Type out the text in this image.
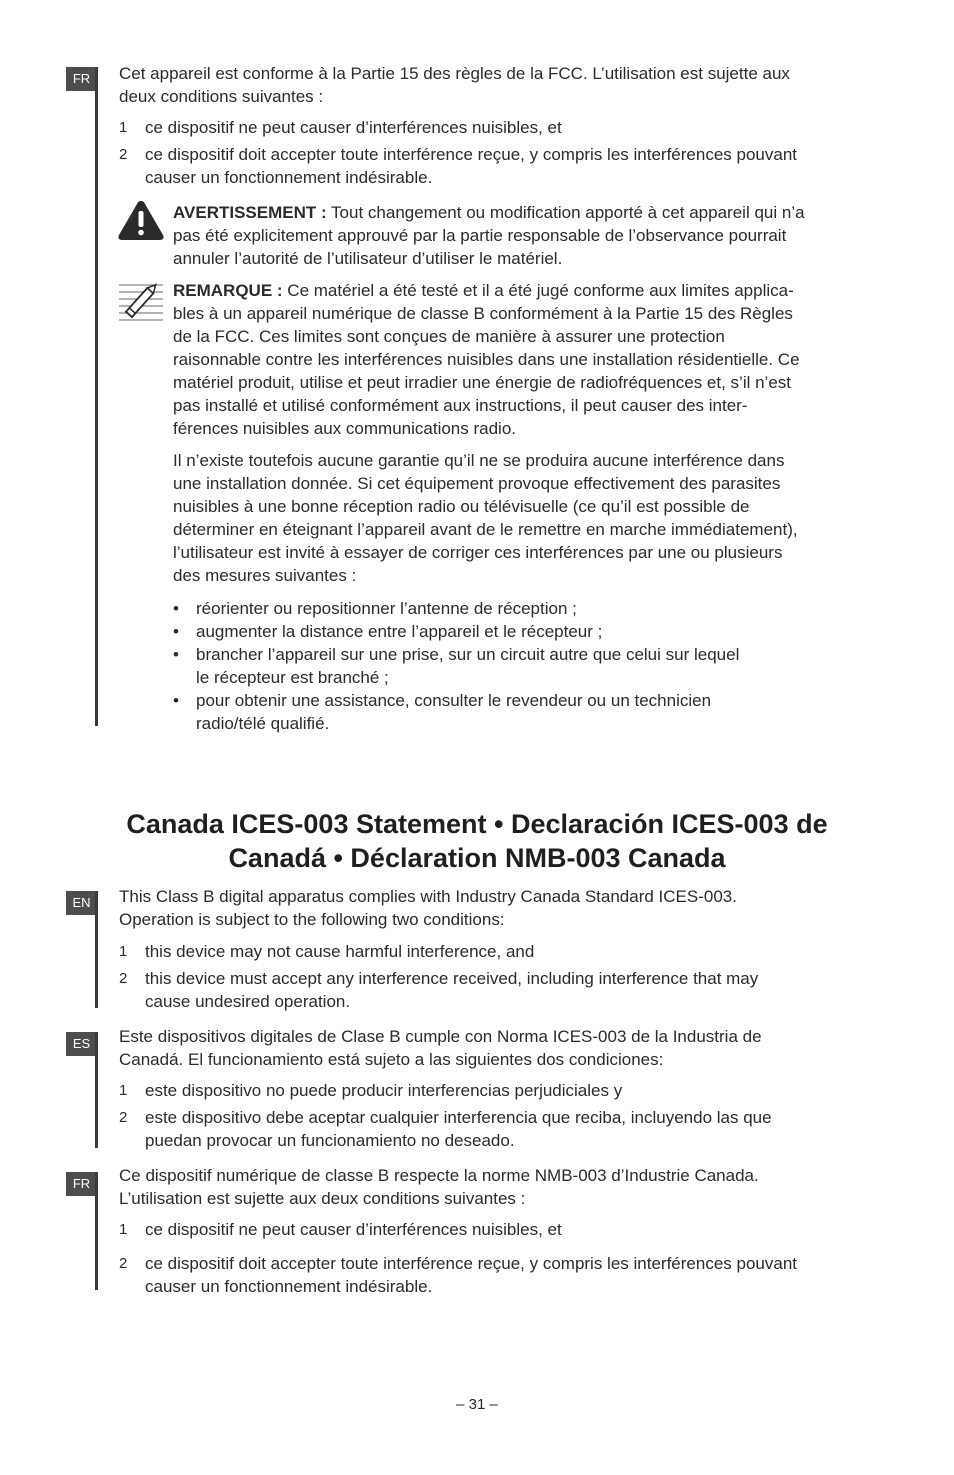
FR	Cet appareil est conforme à la Partie 15 des règles de la FCC. L’utilisation est sujette aux
deux conditions suivantes :

1 ce dispositif ne peut causer d’interférences nuisibles, et
2 ce dispositif doit accepter toute interférence reçue, y compris les interférences pouvant
causer un fonctionnement indésirable.

AVERTISSEMENT : Tout changement ou modification apporté à cet appareil qui n’a
pas été explicitement approuvé par la partie responsable de l’observance pourrait
annuler l’autorité de l’utilisateur d’utiliser le matériel.

REMARQUE : Ce matériel a été testé et il a été jugé conforme aux limites applica-
bles à un appareil numérique de classe B conformément à la Partie 15 des Règles
de la FCC. Ces limites sont conçues de manière à assurer une protection
raisonnable contre les interférences nuisibles dans une installation résidentielle. Ce
matériel produit, utilise et peut irradier une énergie de radiofréquences et, s’il n’est
pas installé et utilisé conformément aux instructions, il peut causer des inter-
férences nuisibles aux communications radio.

Il n’existe toutefois aucune garantie qu’il ne se produira aucune interférence dans
une installation donnée. Si cet équipement provoque effectivement des parasites
nuisibles à une bonne réception radio ou télévisuelle (ce qu’il est possible de
déterminer en éteignant l’appareil avant de le remettre en marche immédiatement),
l’utilisateur est invité à essayer de corriger ces interférences par une ou plusieurs
des mesures suivantes :

• réorienter ou repositionner l’antenne de réception ;
• augmenter la distance entre l’appareil et le récepteur ;
• brancher l’appareil sur une prise, sur un circuit autre que celui sur lequel
le récepteur est branché ;
• pour obtenir une assistance, consulter le revendeur ou un technicien
radio/télé qualifié.
Canada ICES-003 Statement • Declaración ICES-003 de
Canadá • Déclaration NMB-003 Canada
EN	This Class B digital apparatus complies with Industry Canada Standard ICES-003.
Operation is subject to the following two conditions:

1 this device may not cause harmful interference, and
2 this device must accept any interference received, including interference that may
cause undesired operation.
ES	Este dispositivos digitales de Clase B cumple con Norma ICES-003 de la Industria de
Canadá. El funcionamiento está sujeto a las siguientes dos condiciones:

1 este dispositivo no puede producir interferencias perjudiciales y
2 este dispositivo debe aceptar cualquier interferencia que reciba, incluyendo las que
puedan provocar un funcionamiento no deseado.
FR	Ce dispositif numérique de classe B respecte la norme NMB-003 d’Industrie Canada.
L’utilisation est sujette aux deux conditions suivantes :

1 ce dispositif ne peut causer d’interférences nuisibles, et
2 ce dispositif doit accepter toute interférence reçue, y compris les interférences pouvant
causer un fonctionnement indésirable.
– 31 –
